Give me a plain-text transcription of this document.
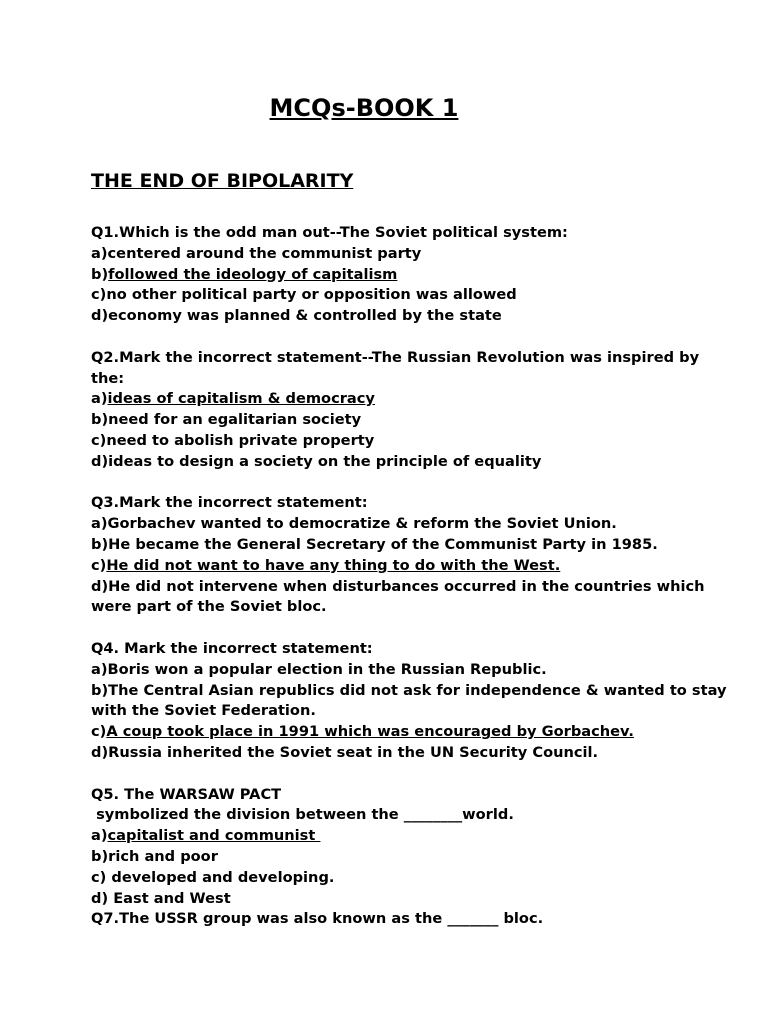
MCQs-BOOK 1
THE END OF BIPOLARITY
Q1.Which is the odd man out--The Soviet political system:
a)centered around the communist party
b)followed the ideology of capitalism
c)no other political party or opposition was allowed
d)economy was planned & controlled by the state
Q2.Mark the incorrect statement--The Russian Revolution was inspired by the:
a)ideas of capitalism & democracy
b)need for an egalitarian society
c)need to abolish private property
d)ideas to design a society on the principle of equality
Q3.Mark the incorrect statement:
a)Gorbachev wanted to democratize & reform the Soviet Union.
b)He became the General Secretary of the Communist Party in 1985.
c)He did not want to have any thing to do with the West.
d)He did not intervene when disturbances occurred in the countries which were part of the Soviet bloc.
Q4. Mark the incorrect statement:
a)Boris won a popular election in the Russian Republic.
b)The Central Asian republics did not ask for independence & wanted to stay with the Soviet Federation.
c)A coup took place in 1991 which was encouraged by Gorbachev.
d)Russia inherited the Soviet seat in the UN Security Council.
Q5. The WARSAW PACT
symbolized the division between the ________world.
a)capitalist and communist
b)rich and poor
c) developed and developing.
d) East and West
Q7.The USSR group was also known as the _______ bloc.
